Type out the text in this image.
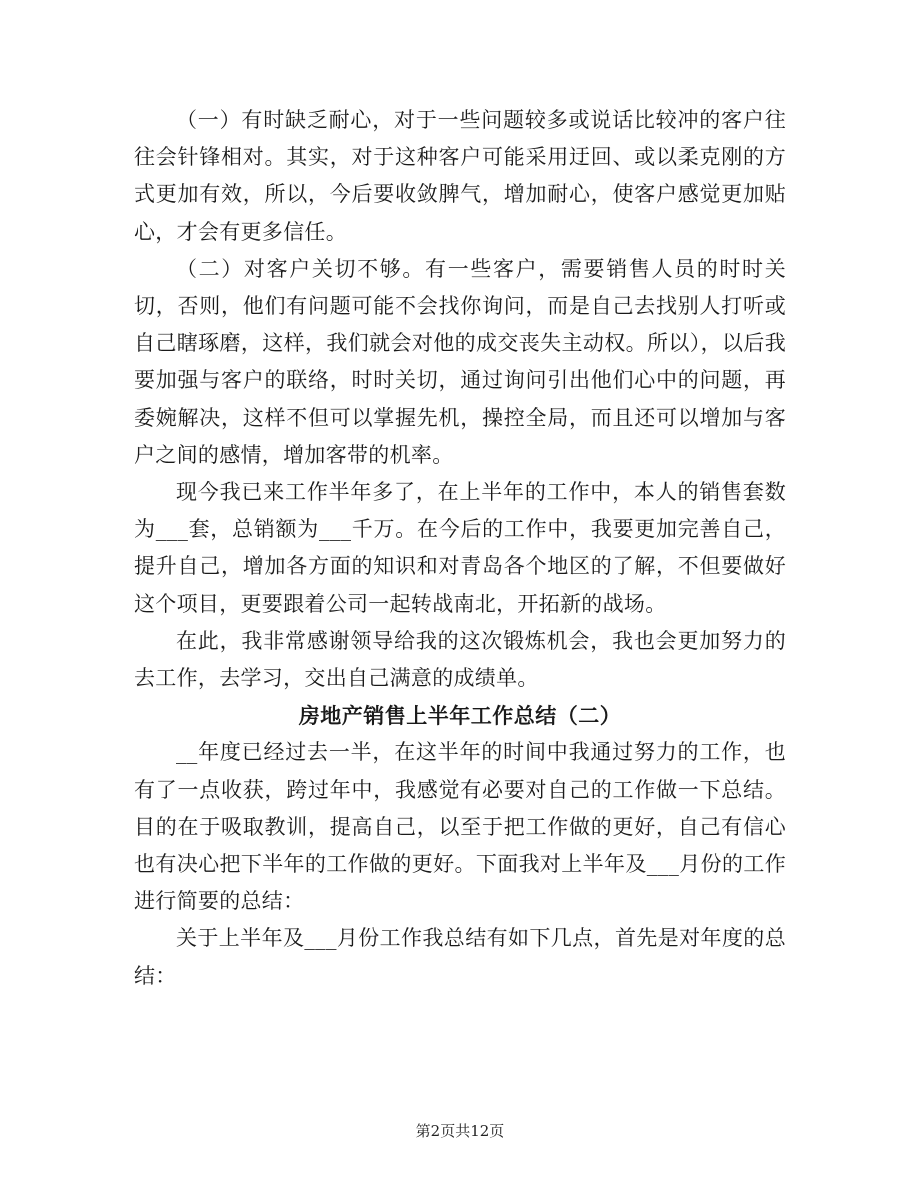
（一）有时缺乏耐心，对于一些问题较多或说话比较冲的客户往往会针锋相对。其实，对于这种客户可能采用迂回、或以柔克刚的方式更加有效，所以，今后要收敛脾气，增加耐心，使客户感觉更加贴心，才会有更多信任。

（二）对客户关切不够。有一些客户，需要销售人员的时时关切，否则，他们有问题可能不会找你询问，而是自己去找别人打听或自己瞎琢磨，这样，我们就会对他的成交丧失主动权。所以），以后我要加强与客户的联络，时时关切，通过询问引出他们心中的问题，再委婉解决，这样不但可以掌握先机，操控全局，而且还可以增加与客户之间的感情，增加客带的机率。

现今我已来工作半年多了，在上半年的工作中，本人的销售套数为___套，总销额为___千万。在今后的工作中，我要更加完善自己，提升自己，增加各方面的知识和对青岛各个地区的了解，不但要做好这个项目，更要跟着公司一起转战南北，开拓新的战场。

在此，我非常感谢领导给我的这次锻炼机会，我也会更加努力的去工作，去学习，交出自己满意的成绩单。

房地产销售上半年工作总结（二）

__年度已经过去一半，在这半年的时间中我通过努力的工作，也有了一点收获，跨过年中，我感觉有必要对自己的工作做一下总结。目的在于吸取教训，提高自己，以至于把工作做的更好，自己有信心也有决心把下半年的工作做的更好。下面我对上半年及___月份的工作进行简要的总结：

关于上半年及___月份工作我总结有如下几点，首先是对年度的总结：

第2页共12页
